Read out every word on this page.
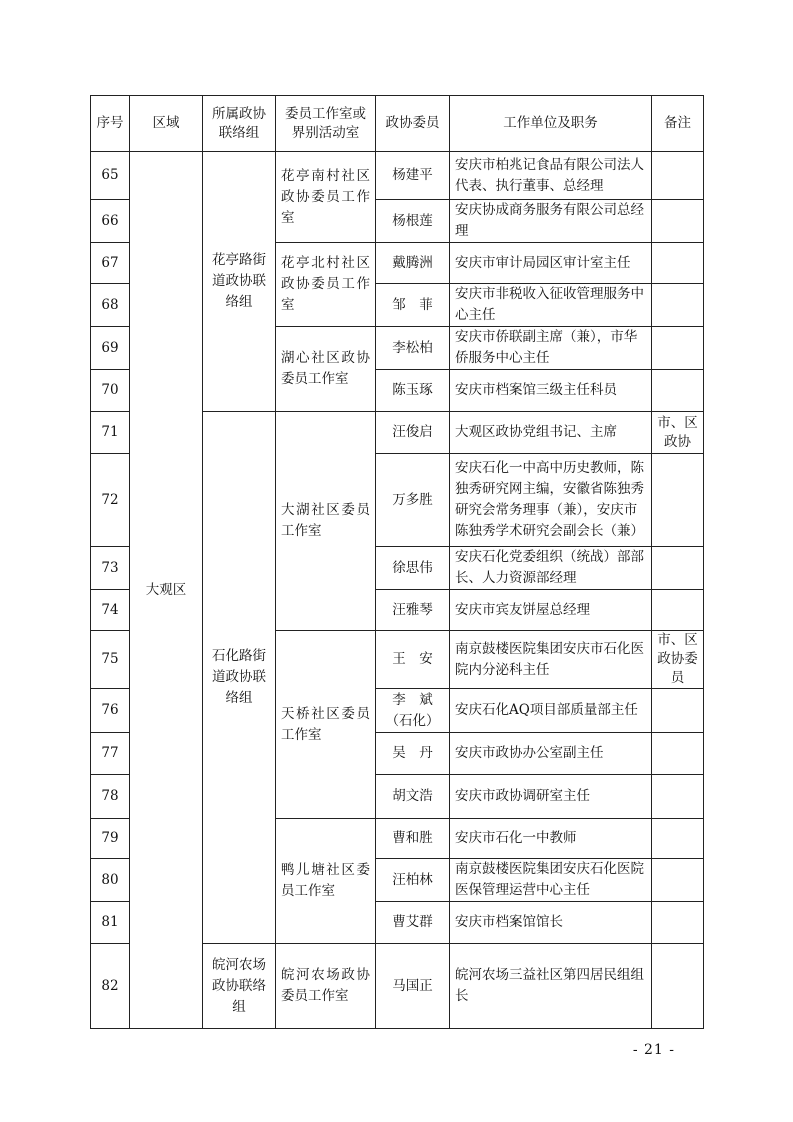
序号	区域	所属政协联络组	委员工作室或界别活动室	政协委员	工作单位及职务	备注
65	大观区	花亭路街道政协联络组	花亭南村社区政协委员工作室	杨建平	安庆市柏兆记食品有限公司法人代表、执行董事、总经理	
66				杨根莲	安庆协成商务服务有限公司总经理	
67			花亭北村社区政协委员工作室	戴腾洲	安庆市审计局园区审计室主任	
68				邹　菲	安庆市非税收入征收管理服务中心主任	
69			湖心社区政协委员工作室	李松柏	安庆市侨联副主席（兼），市华侨服务中心主任	
70				陈玉琢	安庆市档案馆三级主任科员	
71		石化路街道政协联络组	大湖社区委员工作室	汪俊启	大观区政协党组书记、主席	市、区政协
72				万多胜	安庆石化一中高中历史教师，陈独秀研究网主编，安徽省陈独秀研究会常务理事（兼），安庆市陈独秀学术研究会副会长（兼）	
73				徐思伟	安庆石化党委组织（统战）部部长、人力资源部经理	
74				汪雅琴	安庆市宾友饼屋总经理	
75			天桥社区委员工作室	王　安	南京鼓楼医院集团安庆市石化医院内分泌科主任	市、区政协委员
76				李　斌（石化）	安庆石化AQ项目部质量部主任	
77				吴　丹	安庆市政协办公室副主任	
78				胡文浩	安庆市政协调研室主任	
79			鸭儿塘社区委员工作室	曹和胜	安庆市石化一中教师	
80				汪柏林	南京鼓楼医院集团安庆石化医院医保管理运营中心主任	
81				曹艾群	安庆市档案馆馆长	
82		皖河农场政协联络组	皖河农场政协委员工作室	马国正	皖河农场三益社区第四居民组组长	
- 21 -
